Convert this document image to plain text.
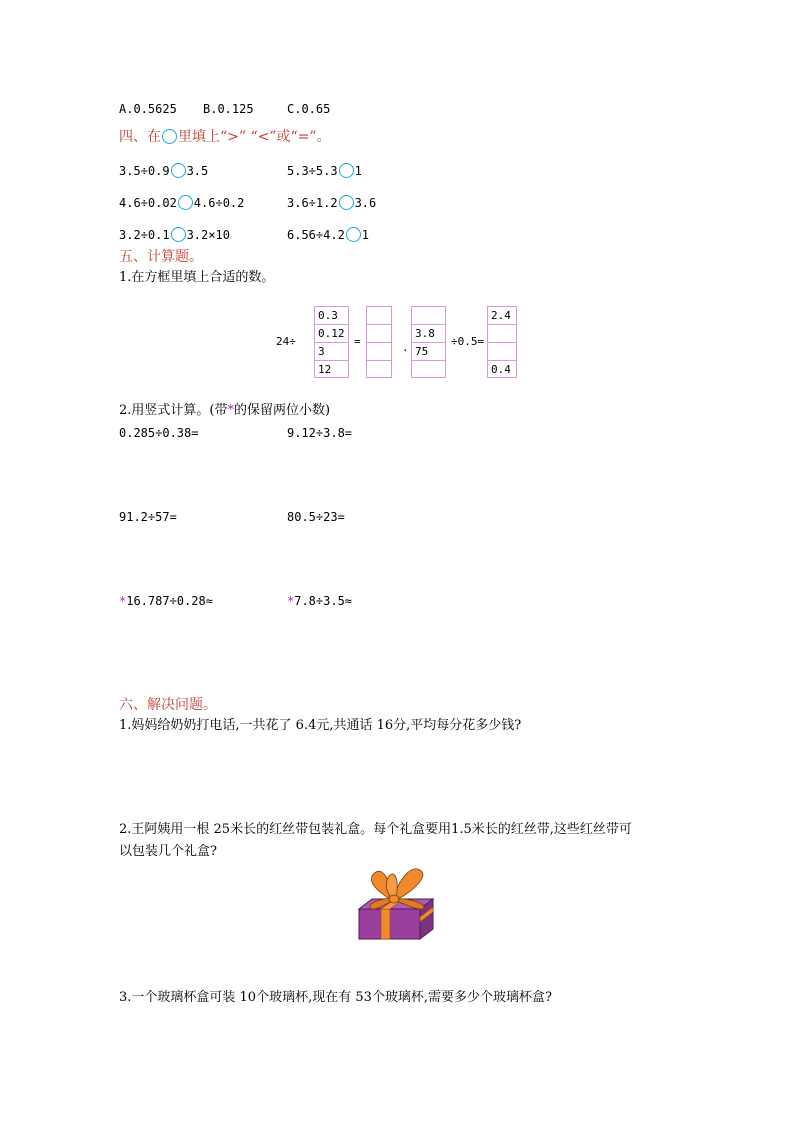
A.0.5625 B.0.125	C.0.65
四、在 里填上“>” “<”或“=”。
3.5÷0.9 3.5	5.3÷5.3 1
4.6÷0.02 4.6÷0.2	3.6÷1.2 3.6
3.2÷0.1 3.2×10	6.56÷4.2 1
五、计算题。
1.在方框里填上合适的数。
24÷
0.3
0.12
3
12
=	.
3.8
75
÷0.5=
2.4
0.4
2.用竖式计算。(带*的保留两位小数)
0.285÷0.38=	9.12÷3.8=
91.2÷57=	80.5÷23=
*16.787÷0.28≈	*7.8÷3.5≈
六、解决问题。
1.妈妈给奶奶打电话,一共花了 6.4元,共通话 16分,平均每分花多少钱?
2.王阿姨用一根 25米长的红丝带包装礼盒。每个礼盒要用1.5米长的红丝带,这些红丝带可
以包装几个礼盒?
3.一个玻璃杯盒可装 10个玻璃杯,现在有 53个玻璃杯,需要多少个玻璃杯盒?
